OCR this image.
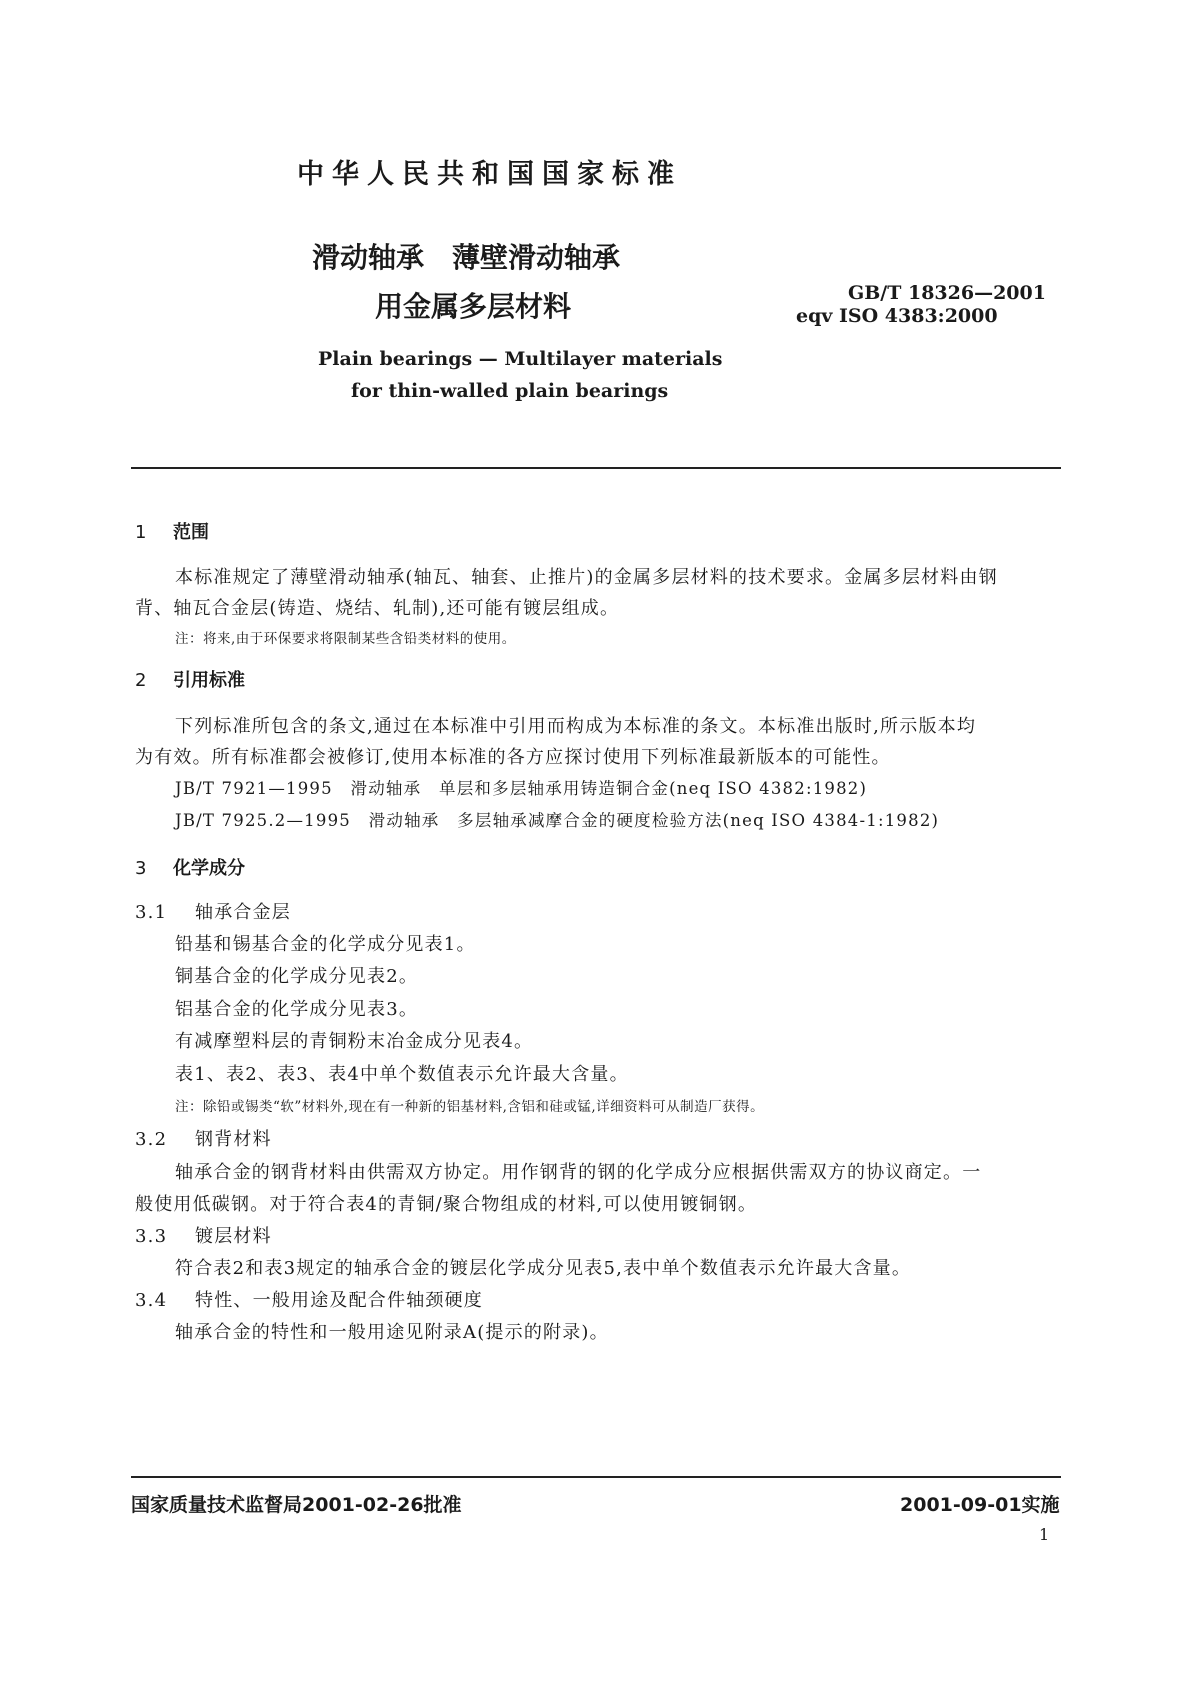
中华人民共和国国家标准
滑动轴承　薄壁滑动轴承
用金属多层材料	GB/T 18326—2001
eqv ISO 4383:2000
Plain bearings — Multilayer materials
for thin-walled plain bearings
1 范围
本标准规定了薄壁滑动轴承(轴瓦、轴套、止推片)的金属多层材料的技术要求。金属多层材料由钢
背、轴瓦合金层(铸造、烧结、轧制),还可能有镀层组成。
注：将来,由于环保要求将限制某些含铅类材料的使用。
2 引用标准
下列标准所包含的条文,通过在本标准中引用而构成为本标准的条文。本标准出版时,所示版本均
为有效。所有标准都会被修订,使用本标准的各方应探讨使用下列标准最新版本的可能性。
JB/T 7921—1995　滑动轴承　单层和多层轴承用铸造铜合金(neq ISO 4382:1982)
JB/T 7925.2—1995　滑动轴承　多层轴承减摩合金的硬度检验方法(neq ISO 4384-1:1982)
3 化学成分
3.1 轴承合金层
铅基和锡基合金的化学成分见表1。
铜基合金的化学成分见表2。
铝基合金的化学成分见表3。
有减摩塑料层的青铜粉末冶金成分见表4。
表1、表2、表3、表4中单个数值表示允许最大含量。
注：除铅或锡类“软”材料外,现在有一种新的铝基材料,含铝和硅或锰,详细资料可从制造厂获得。
3.2 钢背材料
轴承合金的钢背材料由供需双方协定。用作钢背的钢的化学成分应根据供需双方的协议商定。一
般使用低碳钢。对于符合表4的青铜/聚合物组成的材料,可以使用镀铜钢。
3.3 镀层材料
符合表2和表3规定的轴承合金的镀层化学成分见表5,表中单个数值表示允许最大含量。
3.4 特性、一般用途及配合件轴颈硬度
轴承合金的特性和一般用途见附录A(提示的附录)。
国家质量技术监督局2001-02-26批准	2001-09-01实施
1
